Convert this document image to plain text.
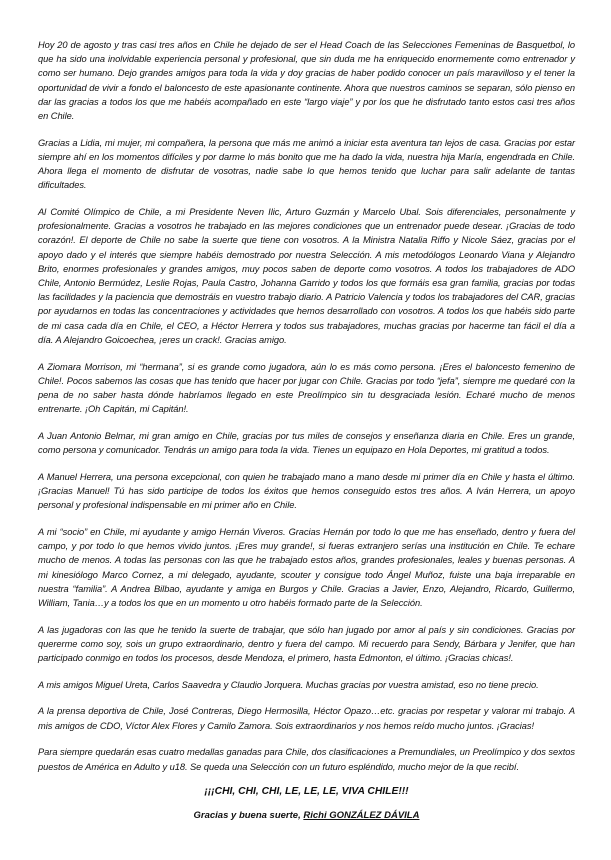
Hoy 20 de agosto y tras casi tres años en Chile he dejado de ser el Head Coach de las Selecciones Femeninas de Basquetbol, lo que ha sido una inolvidable experiencia personal y profesional, que sin duda me ha enriquecido enormemente como entrenador y como ser humano. Dejo grandes amigos para toda la vida y doy gracias de haber podido conocer un país maravilloso y el tener la oportunidad de vivir a fondo el baloncesto de este apasionante continente. Ahora que nuestros caminos se separan, sólo pienso en dar las gracias a todos los que me habéis acompañado en este “largo viaje” y por los que he disfrutado tanto estos casi tres años en Chile.

Gracias a Lidia, mi mujer, mi compañera, la persona que más me animó a iniciar esta aventura tan lejos de casa. Gracias por estar siempre ahí en los momentos difíciles y por darme lo más bonito que me ha dado la vida, nuestra hija María, engendrada en Chile. Ahora llega el momento de disfrutar de vosotras, nadie sabe lo que hemos tenido que luchar para salir adelante de tantas dificultades.

Al Comité Olímpico de Chile, a mi Presidente Neven Ilic, Arturo Guzmán y Marcelo Ubal. Sois diferenciales, personalmente y profesionalmente. Gracias a vosotros he trabajado en las mejores condiciones que un entrenador puede desear. ¡Gracias de todo corazón!. El deporte de Chile no sabe la suerte que tiene con vosotros. A la Ministra Natalia Riffo y Nicole Sáez, gracias por el apoyo dado y el interés que siempre habéis demostrado por nuestra Selección. A mis metodólogos Leonardo Viana y Alejandro Brito, enormes profesionales y grandes amigos, muy pocos saben de deporte como vosotros. A todos los trabajadores de ADO Chile, Antonio Bermúdez, Leslie Rojas, Paula Castro, Johanna Garrido y todos los que formáis esa gran familia, gracias por todas las facilidades y la paciencia que demostráis en vuestro trabajo diario. A Patricio Valencia y todos los trabajadores del CAR, gracias por ayudarnos en todas las concentraciones y actividades que hemos desarrollado con vosotros. A todos los que habéis sido parte de mi casa cada día en Chile, el CEO, a Héctor Herrera y todos sus trabajadores, muchas gracias por hacerme tan fácil el día a día. A Alejandro Goicoechea, ¡eres un crack!. Gracias amigo.

A Ziomara Morrison, mi “hermana”, si es grande como jugadora, aún lo es más como persona. ¡Eres el baloncesto femenino de Chile!. Pocos sabemos las cosas que has tenido que hacer por jugar con Chile. Gracias por todo “jefa”, siempre me quedaré con la pena de no saber hasta dónde habríamos llegado en este Preolímpico sin tu desgraciada lesión. Echaré mucho de menos entrenarte. ¡Oh Capitán, mi Capitán!.

A Juan Antonio Belmar, mi gran amigo en Chile, gracias por tus miles de consejos y enseñanza diaria en Chile. Eres un grande, como persona y comunicador. Tendrás un amigo para toda la vida. Tienes un equipazo en Hola Deportes, mi gratitud a todos.

A Manuel Herrera, una persona excepcional, con quien he trabajado mano a mano desde mi primer día en Chile y hasta el último. ¡Gracias Manuel! Tú has sido participe de todos los éxitos que hemos conseguido estos tres años. A Iván Herrera, un apoyo personal y profesional indispensable en mi primer año en Chile.

A mi “socio” en Chile, mi ayudante y amigo Hernán Viveros. Gracias Hernán por todo lo que me has enseñado, dentro y fuera del campo, y por todo lo que hemos vivido juntos. ¡Eres muy grande!, si fueras extranjero serías una institución en Chile. Te echare mucho de menos. A todas las personas con las que he trabajado estos años, grandes profesionales, leales y buenas personas. A mi kinesiólogo Marco Cornez, a mi delegado, ayudante, scouter y consigue todo Ángel Muñoz, fuiste una baja irreparable en nuestra “familia”. A Andrea Bilbao, ayudante y amiga en Burgos y Chile. Gracias a Javier, Enzo, Alejandro, Ricardo, Guillermo, William, Tania…y a todos los que en un momento u otro habéis formado parte de la Selección.

A las jugadoras con las que he tenido la suerte de trabajar, que sólo han jugado por amor al país y sin condiciones. Gracias por quererme como soy, sois un grupo extraordinario, dentro y fuera del campo. Mi recuerdo para Sendy, Bárbara y Jenifer, que han participado conmigo en todos los procesos, desde Mendoza, el primero, hasta Edmonton, el último. ¡Gracias chicas!.

A mis amigos Miguel Ureta, Carlos Saavedra y Claudio Jorquera. Muchas gracias por vuestra amistad, eso no tiene precio.

A la prensa deportiva de Chile, José Contreras, Diego Hermosilla, Héctor Opazo…etc. gracias por respetar y valorar mi trabajo. A mis amigos de CDO, Víctor Alex Flores y Camilo Zamora. Sois extraordinarios y nos hemos reído mucho juntos. ¡Gracias!

Para siempre quedarán esas cuatro medallas ganadas para Chile, dos clasificaciones a Premundiales, un Preolímpico y dos sextos puestos de América en Adulto y u18. Se queda una Selección con un futuro espléndido, mucho mejor de la que recibí.

¡¡¡CHI, CHI, CHI, LE, LE, LE, VIVA CHILE!!!

Gracias y buena suerte, Richi GONZÁLEZ DÁVILA
